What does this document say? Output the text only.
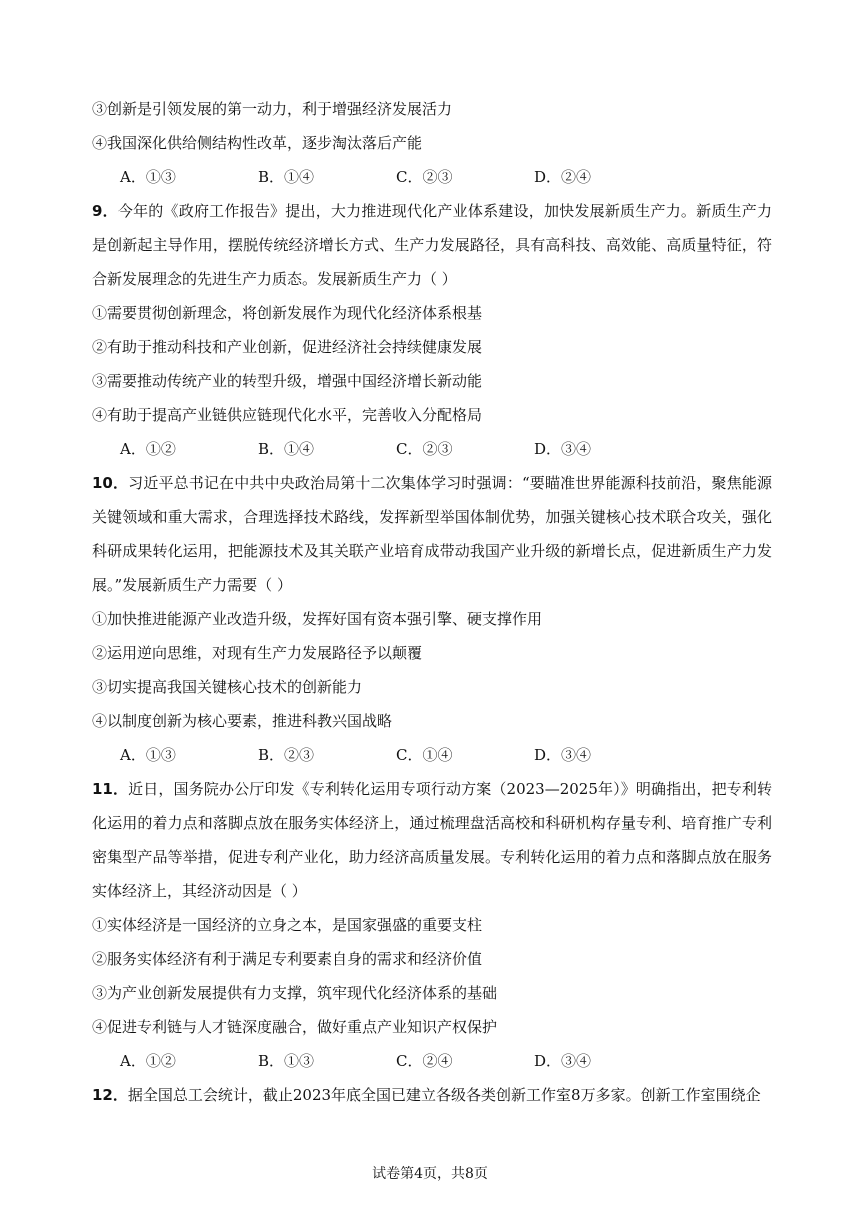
③创新是引领发展的第一动力，利于增强经济发展活力
④我国深化供给侧结构性改革，逐步淘汰落后产能
A．①③	B．①④	C．②③	D．②④
9．今年的《政府工作报告》提出，大力推进现代化产业体系建设，加快发展新质生产力。新质生产力是创新起主导作用，摆脱传统经济增长方式、生产力发展路径，具有高科技、高效能、高质量特征，符合新发展理念的先进生产力质态。发展新质生产力（ ）
①需要贯彻创新理念，将创新发展作为现代化经济体系根基
②有助于推动科技和产业创新，促进经济社会持续健康发展
③需要推动传统产业的转型升级，增强中国经济增长新动能
④有助于提高产业链供应链现代化水平，完善收入分配格局
A．①②	B．①④	C．②③	D．③④
10．习近平总书记在中共中央政治局第十二次集体学习时强调：“要瞄准世界能源科技前沿，聚焦能源关键领域和重大需求，合理选择技术路线，发挥新型举国体制优势，加强关键核心技术联合攻关，强化科研成果转化运用，把能源技术及其关联产业培育成带动我国产业升级的新增长点，促进新质生产力发展。”发展新质生产力需要（ ）
①加快推进能源产业改造升级，发挥好国有资本强引擎、硬支撑作用
②运用逆向思维，对现有生产力发展路径予以颠覆
③切实提高我国关键核心技术的创新能力
④以制度创新为核心要素，推进科教兴国战略
A．①③	B．②③	C．①④	D．③④
11．近日，国务院办公厅印发《专利转化运用专项行动方案（2023—2025年）》明确指出，把专利转化运用的着力点和落脚点放在服务实体经济上，通过梳理盘活高校和科研机构存量专利、培育推广专利密集型产品等举措，促进专利产业化，助力经济高质量发展。专利转化运用的着力点和落脚点放在服务实体经济上，其经济动因是（ ）
①实体经济是一国经济的立身之本，是国家强盛的重要支柱
②服务实体经济有利于满足专利要素自身的需求和经济价值
③为产业创新发展提供有力支撑，筑牢现代化经济体系的基础
④促进专利链与人才链深度融合，做好重点产业知识产权保护
A．①②	B．①③	C．②④	D．③④
12．据全国总工会统计，截止2023年底全国已建立各级各类创新工作室8万多家。创新工作室围绕企
试卷第4页，共8页
